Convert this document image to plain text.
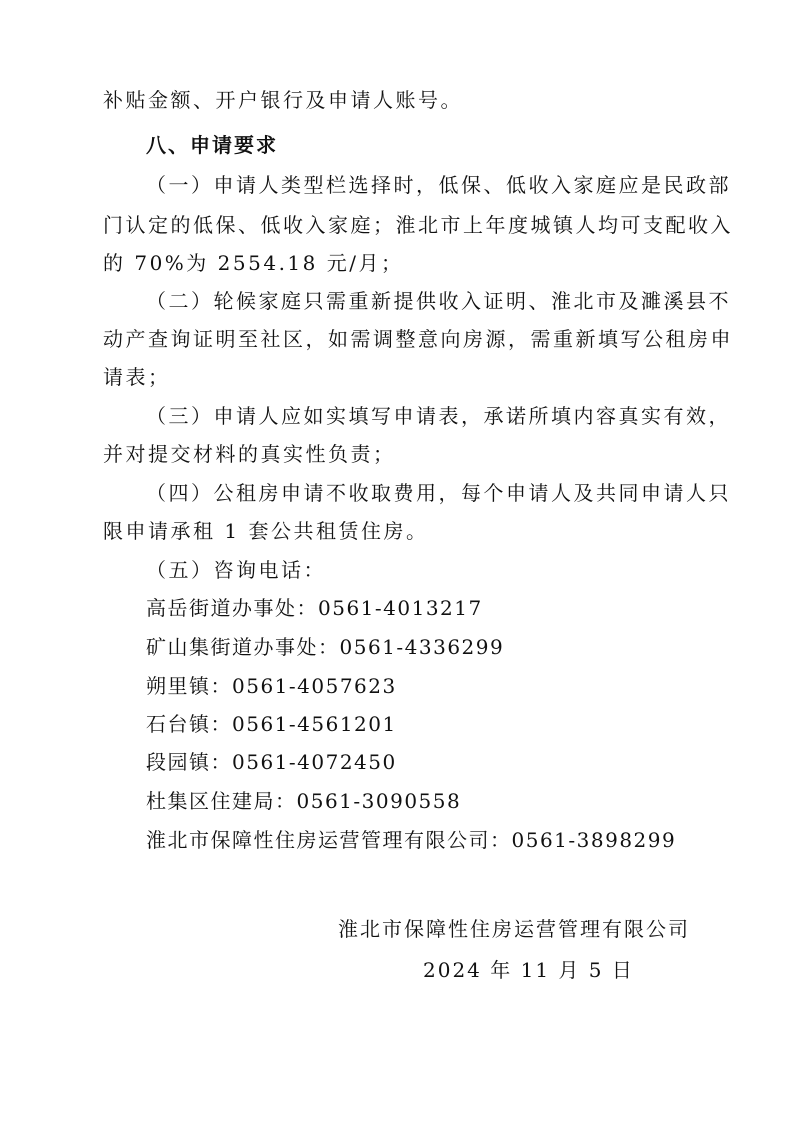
补贴金额、开户银行及申请人账号。
八、申请要求
（一）申请人类型栏选择时，低保、低收入家庭应是民政部
门认定的低保、低收入家庭；淮北市上年度城镇人均可支配收入
的 70%为 2554.18 元/月；
（二）轮候家庭只需重新提供收入证明、淮北市及濉溪县不
动产查询证明至社区，如需调整意向房源，需重新填写公租房申
请表；
（三）申请人应如实填写申请表，承诺所填内容真实有效，
并对提交材料的真实性负责；
（四）公租房申请不收取费用，每个申请人及共同申请人只
限申请承租 1 套公共租赁住房。
（五）咨询电话：
高岳街道办事处：0561-4013217
矿山集街道办事处：0561-4336299
朔里镇：0561-4057623
石台镇：0561-4561201
段园镇：0561-4072450
杜集区住建局：0561-3090558
淮北市保障性住房运营管理有限公司：0561-3898299
淮北市保障性住房运营管理有限公司
2024 年 11 月 5 日
